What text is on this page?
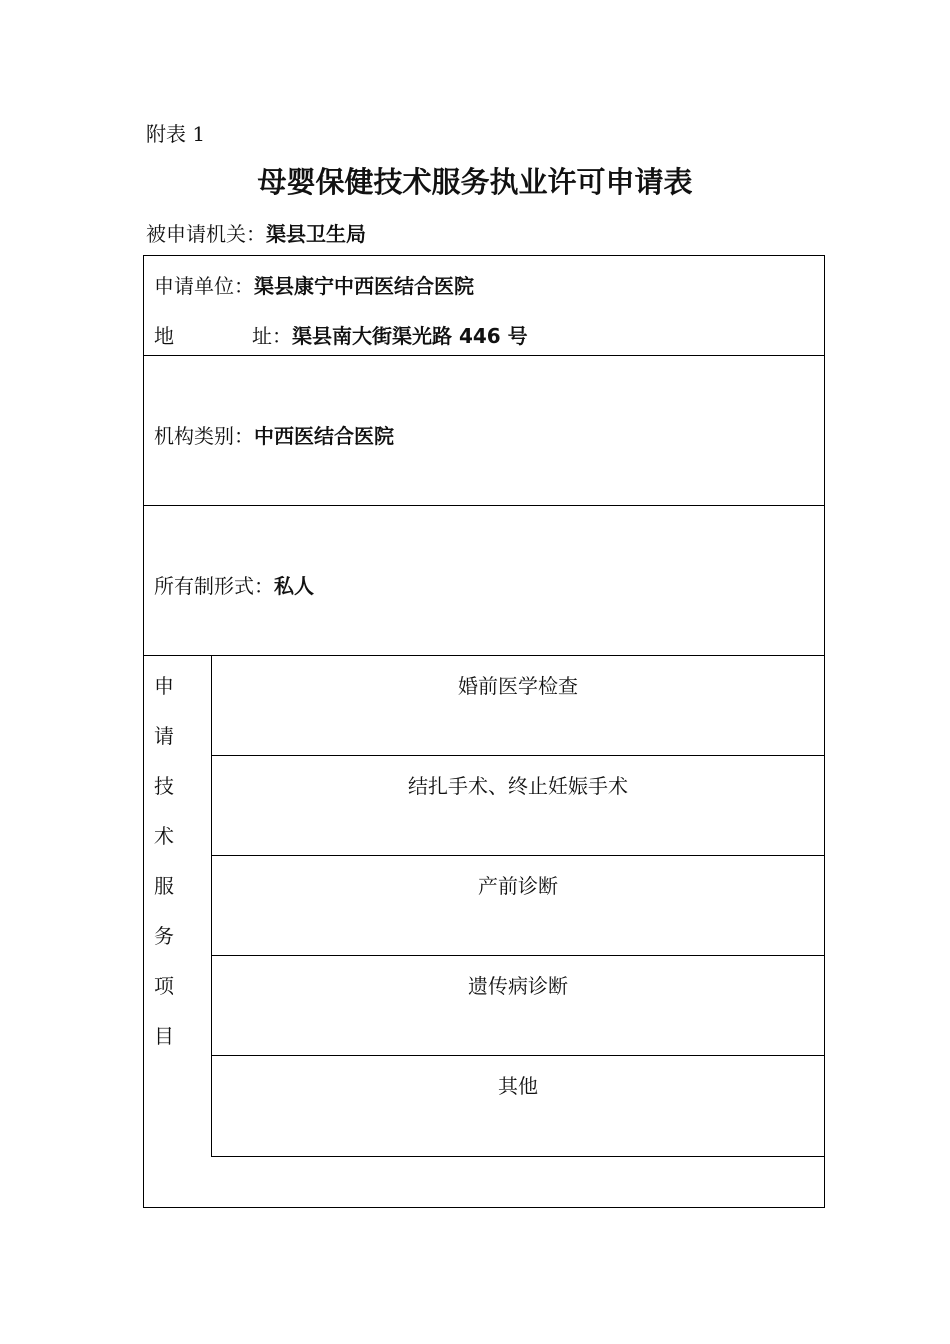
附表 1
母婴保健技术服务执业许可申请表
被申请机关：渠县卫生局
申请单位：渠县康宁中西医结合医院
地	址：渠县南大街渠光路 446 号
机构类别：中西医结合医院
所有制形式：私人
申
请
技
术
服
务
项
目
婚前医学检查
结扎手术、终止妊娠手术
产前诊断
遗传病诊断
其他
